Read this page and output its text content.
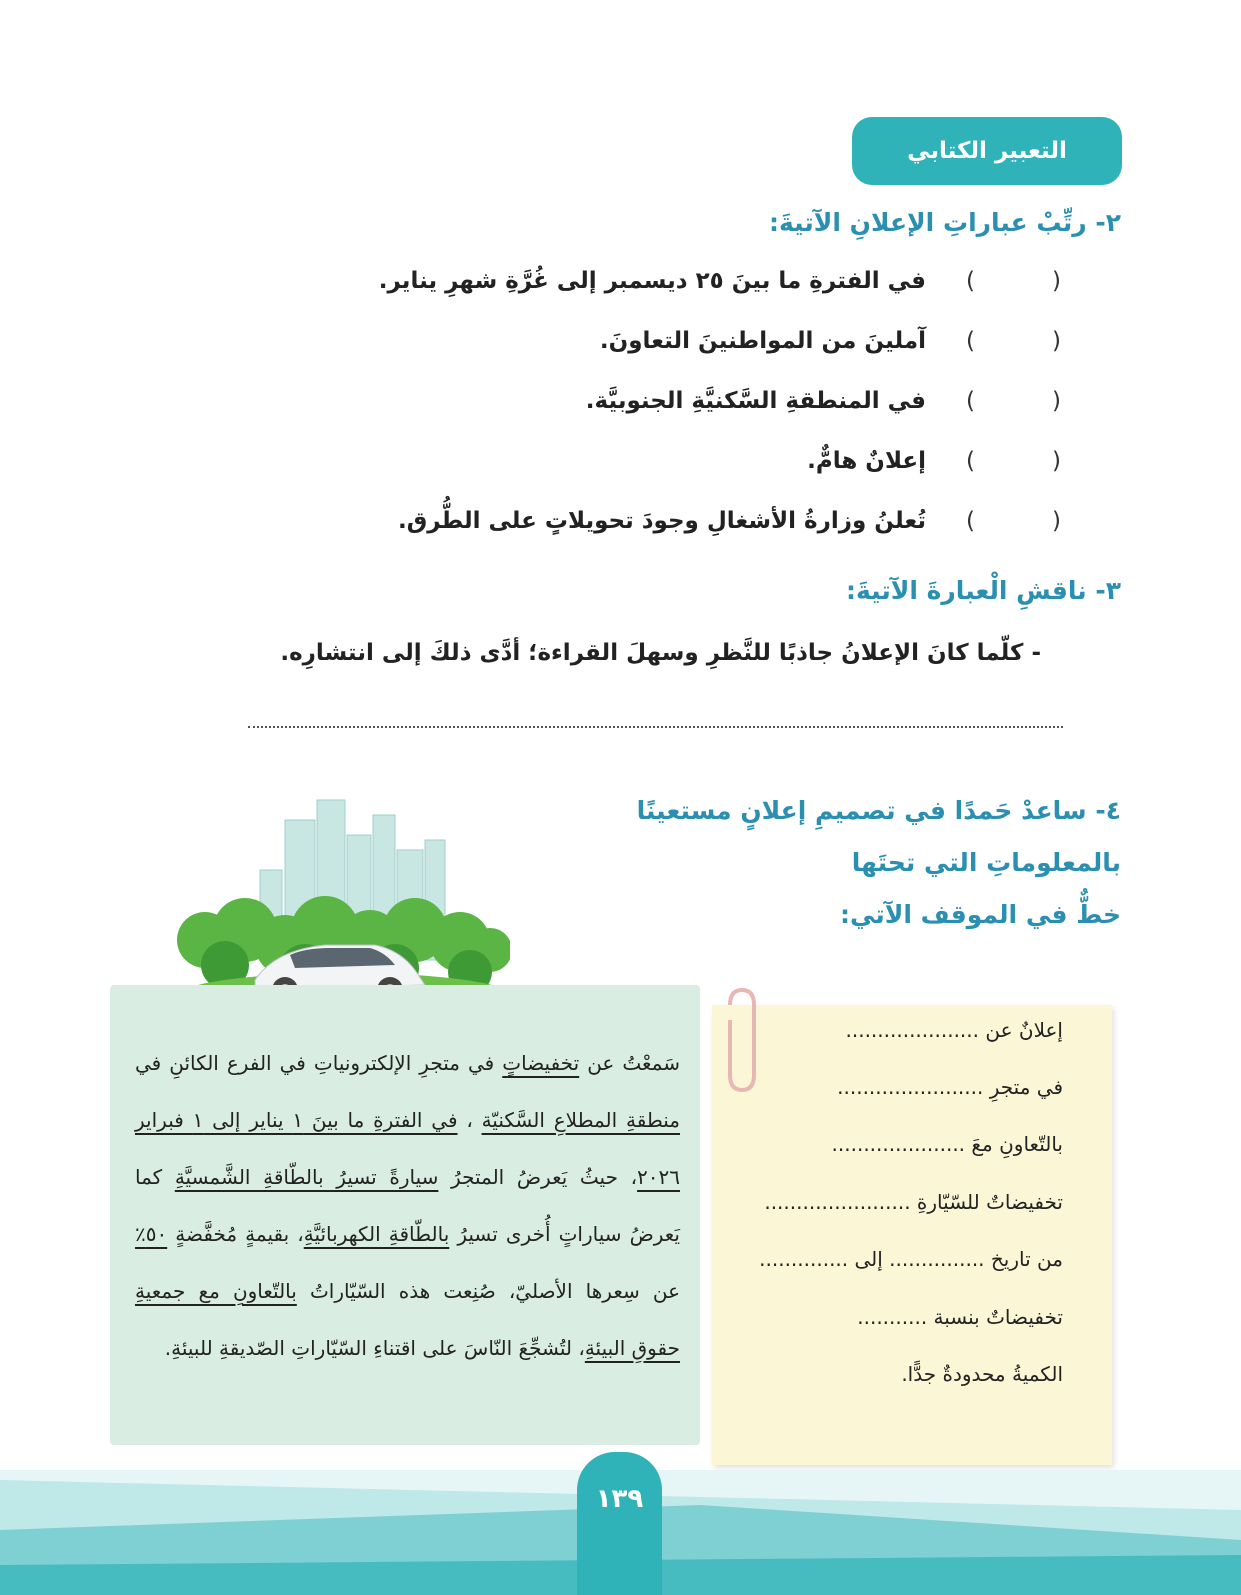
التعبير الكتابي
٢- رتِّبْ عباراتِ الإعلانِ الآتيةَ:
(
)
في الفترةِ ما بينَ ٢٥ ديسمبر إلى غُرَّةِ شهرِ يناير.
(
)
آملينَ من المواطنينَ التعاونَ.
(
)
في المنطقةِ السَّكنيَّةِ الجنوبيَّة.
(
)
إعلانٌ هامٌّ.
(
)
تُعلنُ وزارةُ الأشغالِ وجودَ تحويلاتٍ على الطُّرق.
٣- ناقشِ الْعبارةَ الآتيةَ:
- كلّما كانَ الإعلانُ جاذبًا للنَّظرِ وسهلَ القراءة؛ أدَّى ذلكَ إلى انتشارِه.
٤- ساعدْ حَمدًا في تصميمِ إعلانٍ مستعينًا بالمعلوماتِ التي تحتَها
خطٌّ في الموقف الآتي:
سَمعْتُ عن تخفيضاتٍ في متجرِ الإلكترونياتِ في الفرع الكائنِ في منطقةِ المطلاعِ السَّكنيّة ، في الفترةِ ما بينَ ١ يناير إلى ١ فبراير ٢٠٢٦، حيثُ يَعرضُ المتجرُ سيارةً تسيرُ بالطّاقةِ الشَّمسيَّةِ كما يَعرضُ سياراتٍ أُخرى تسيرُ بالطّاقةِ الكهربائيَّةِ، بقيمةٍ مُخفَّضةٍ ٥٠٪ عن سِعرها الأصليّ، صُنِعت هذه السّيّاراتُ بالتّعاونِ مع جمعيةِ حقوقِ البيئةِ، لتُشجِّعَ النّاسَ على اقتناءِ السّيّاراتِ الصّديقةِ للبيئةِ.
إعلانٌ عن .....................
في متجرِ .......................
بالتّعاونِ معَ .....................
تخفيضاتٌ للسّيّارةِ .......................
من تاريخ ............... إلى ..............
تخفيضاتٌ بنسبة ...........
الكميةُ محدودةٌ جدًّا.
١٣٩
